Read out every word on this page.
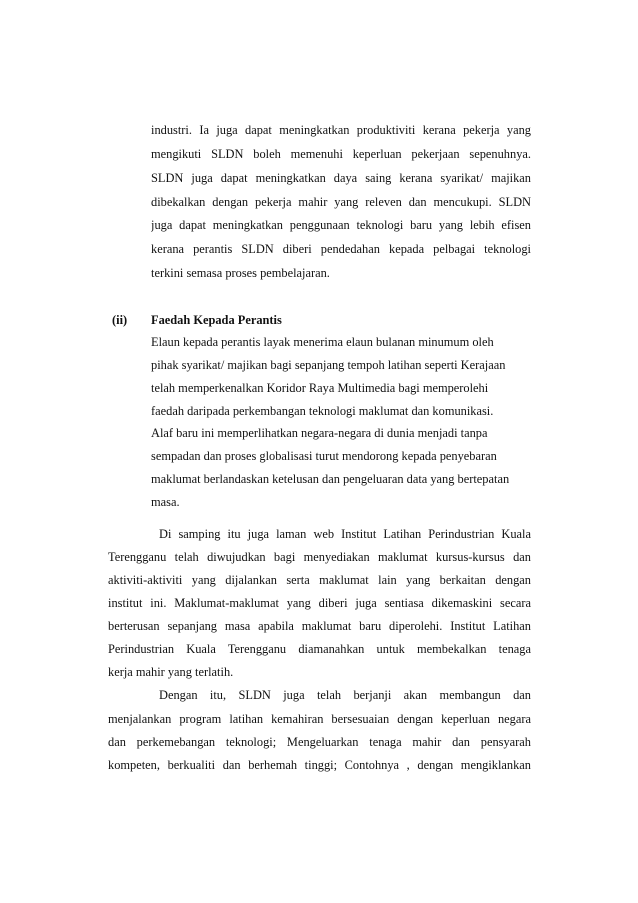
industri. Ia juga dapat meningkatkan produktiviti kerana pekerja yang
mengikuti SLDN boleh memenuhi keperluan pekerjaan sepenuhnya.
SLDN juga dapat meningkatkan daya saing kerana syarikat/ majikan
dibekalkan dengan pekerja mahir yang releven dan mencukupi. SLDN
juga dapat meningkatkan penggunaan teknologi baru yang lebih efisen
kerana perantis SLDN diberi pendedahan kepada pelbagai teknologi
terkini semasa proses pembelajaran.
(ii) Faedah Kepada Perantis
Elaun kepada perantis layak menerima elaun bulanan minumum oleh
pihak syarikat/ majikan bagi sepanjang tempoh latihan seperti Kerajaan
telah memperkenalkan Koridor Raya Multimedia bagi memperolehi
faedah daripada perkembangan teknologi maklumat dan komunikasi.
Alaf baru ini memperlihatkan negara-negara di dunia menjadi tanpa
sempadan dan proses globalisasi turut mendorong kepada penyebaran
maklumat berlandaskan ketelusan dan pengeluaran data yang bertepatan
masa.
Di samping itu juga laman web Institut Latihan Perindustrian Kuala
Terengganu telah diwujudkan bagi menyediakan maklumat kursus-kursus dan
aktiviti-aktiviti yang dijalankan serta maklumat lain yang berkaitan dengan
institut ini. Maklumat-maklumat yang diberi juga sentiasa dikemaskini secara
berterusan sepanjang masa apabila maklumat baru diperolehi. Institut Latihan
Perindustrian Kuala Terengganu diamanahkan untuk membekalkan tenaga
kerja mahir yang terlatih.
Dengan itu, SLDN juga telah berjanji akan membangun dan
menjalankan program latihan kemahiran bersesuaian dengan keperluan negara
dan perkemebangan teknologi; Mengeluarkan tenaga mahir dan pensyarah
kompeten, berkualiti dan berhemah tinggi; Contohnya , dengan mengiklankan
